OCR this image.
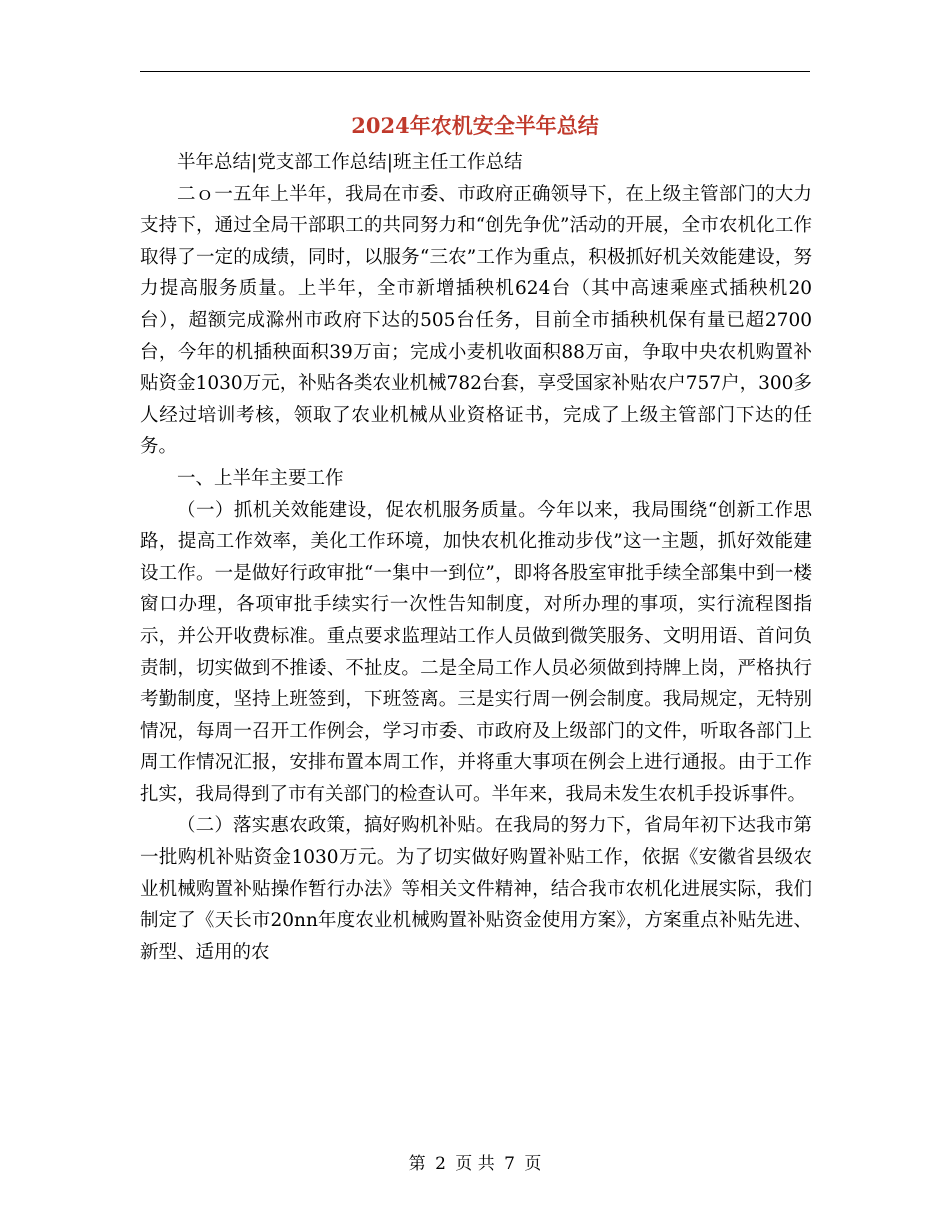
2024年农机安全半年总结

半年总结|党支部工作总结|班主任工作总结

二ｏ一五年上半年，我局在市委、市政府正确领导下，在上级主管部门的大力支持下，通过全局干部职工的共同努力和“创先争优”活动的开展，全市农机化工作取得了一定的成绩，同时，以服务“三农”工作为重点，积极抓好机关效能建设，努力提高服务质量。上半年，全市新增插秧机624台（其中高速乘座式插秧机20台），超额完成滁州市政府下达的505台任务，目前全市插秧机保有量已超2700台，今年的机插秧面积39万亩；完成小麦机收面积88万亩，争取中央农机购置补贴资金1030万元，补贴各类农业机械782台套，享受国家补贴农户757户，300多人经过培训考核，领取了农业机械从业资格证书，完成了上级主管部门下达的任务。

一、上半年主要工作

（一）抓机关效能建设，促农机服务质量。今年以来，我局围绕“创新工作思路，提高工作效率，美化工作环境，加快农机化推动步伐”这一主题，抓好效能建设工作。一是做好行政审批“一集中一到位”，即将各股室审批手续全部集中到一楼窗口办理，各项审批手续实行一次性告知制度，对所办理的事项，实行流程图指示，并公开收费标准。重点要求监理站工作人员做到微笑服务、文明用语、首问负责制，切实做到不推诿、不扯皮。二是全局工作人员必须做到持牌上岗，严格执行考勤制度，坚持上班签到，下班签离。三是实行周一例会制度。我局规定，无特别情况，每周一召开工作例会，学习市委、市政府及上级部门的文件，听取各部门上周工作情况汇报，安排布置本周工作，并将重大事项在例会上进行通报。由于工作扎实，我局得到了市有关部门的检查认可。半年来，我局未发生农机手投诉事件。

（二）落实惠农政策，搞好购机补贴。在我局的努力下，省局年初下达我市第一批购机补贴资金1030万元。为了切实做好购置补贴工作，依据《安徽省县级农业机械购置补贴操作暂行办法》等相关文件精神，结合我市农机化进展实际，我们制定了《天长市20nn年度农业机械购置补贴资金使用方案》，方案重点补贴先进、新型、适用的农

第 2 页 共 7 页
